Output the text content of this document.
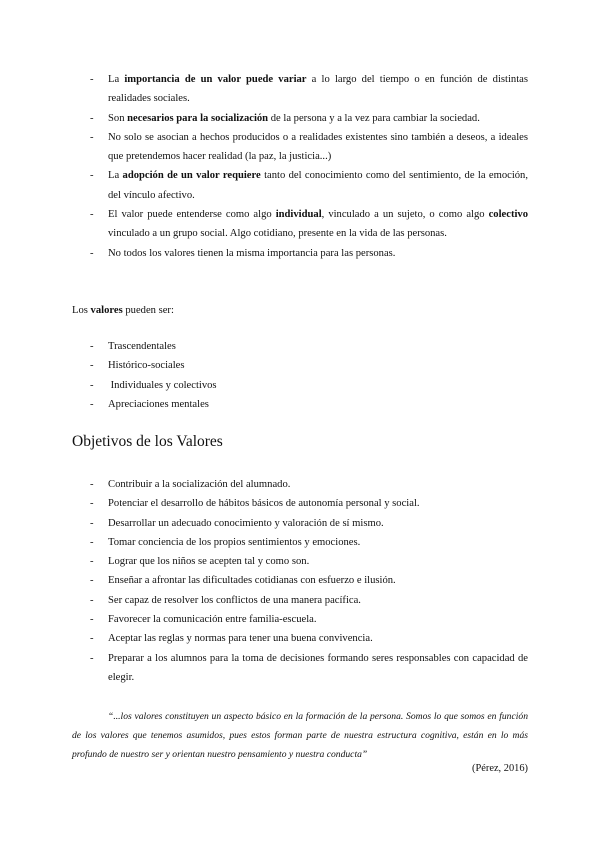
- La importancia de un valor puede variar a lo largo del tiempo o en función de distintas realidades sociales.
- Son necesarios para la socialización de la persona y a la vez para cambiar la sociedad.
- No solo se asocian a hechos producidos o a realidades existentes sino también a deseos, a ideales que pretendemos hacer realidad (la paz, la justicia...)
- La adopción de un valor requiere tanto del conocimiento como del sentimiento, de la emoción, del vínculo afectivo.
- El valor puede entenderse como algo individual, vinculado a un sujeto, o como algo colectivo vinculado a un grupo social. Algo cotidiano, presente en la vida de las personas.
- No todos los valores tienen la misma importancia para las personas.

Los valores pueden ser:

- Trascendentales
- Histórico-sociales
- Individuales y colectivos
- Apreciaciones mentales
Objetivos de los Valores
- Contribuir a la socialización del alumnado.
- Potenciar el desarrollo de hábitos básicos de autonomía personal y social.
- Desarrollar un adecuado conocimiento y valoración de sí mismo.
- Tomar conciencia de los propios sentimientos y emociones.
- Lograr que los niños se acepten tal y como son.
- Enseñar a afrontar las dificultades cotidianas con esfuerzo e ilusión.
- Ser capaz de resolver los conflictos de una manera pacífica.
- Favorecer la comunicación entre familia-escuela.
- Aceptar las reglas y normas para tener una buena convivencia.
- Preparar a los alumnos para la toma de decisiones formando seres responsables con capacidad de elegir.

“...los valores constituyen un aspecto básico en la formación de la persona. Somos lo que somos en función de los valores que tenemos asumidos, pues estos forman parte de nuestra estructura cognitiva, están en lo más profundo de nuestro ser y orientan nuestro pensamiento y nuestra conducta”

(Pérez, 2016)
